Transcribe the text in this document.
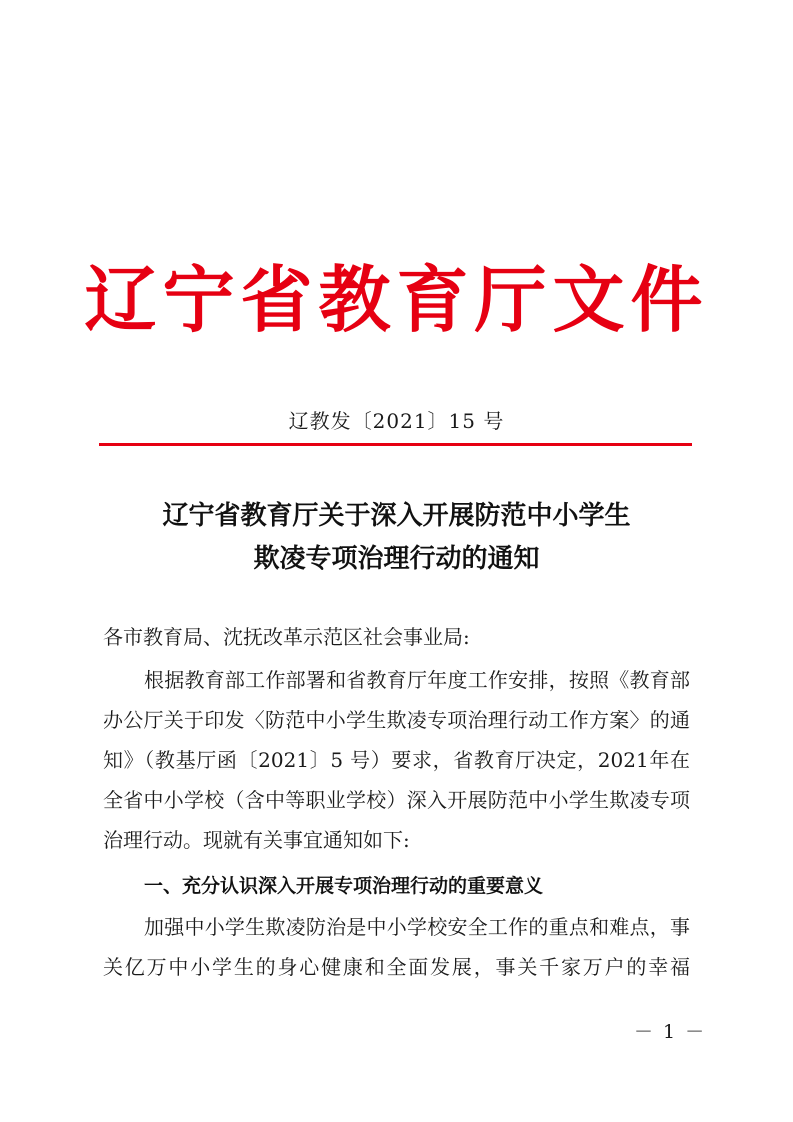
辽宁省教育厅文件
辽教发〔2021〕15 号
辽宁省教育厅关于深入开展防范中小学生
欺凌专项治理行动的通知
各市教育局、沈抚改革示范区社会事业局:
根据教育部工作部署和省教育厅年度工作安排，按照《教育部办公厅关于印发〈防范中小学生欺凌专项治理行动工作方案〉的通知》（教基厅函〔2021〕5 号）要求，省教育厅决定，2021年在全省中小学校（含中等职业学校）深入开展防范中小学生欺凌专项治理行动。现就有关事宜通知如下:
一、充分认识深入开展专项治理行动的重要意义
加强中小学生欺凌防治是中小学校安全工作的重点和难点，事关亿万中小学生的身心健康和全面发展，事关千家万户的幸福
－ 1 －
